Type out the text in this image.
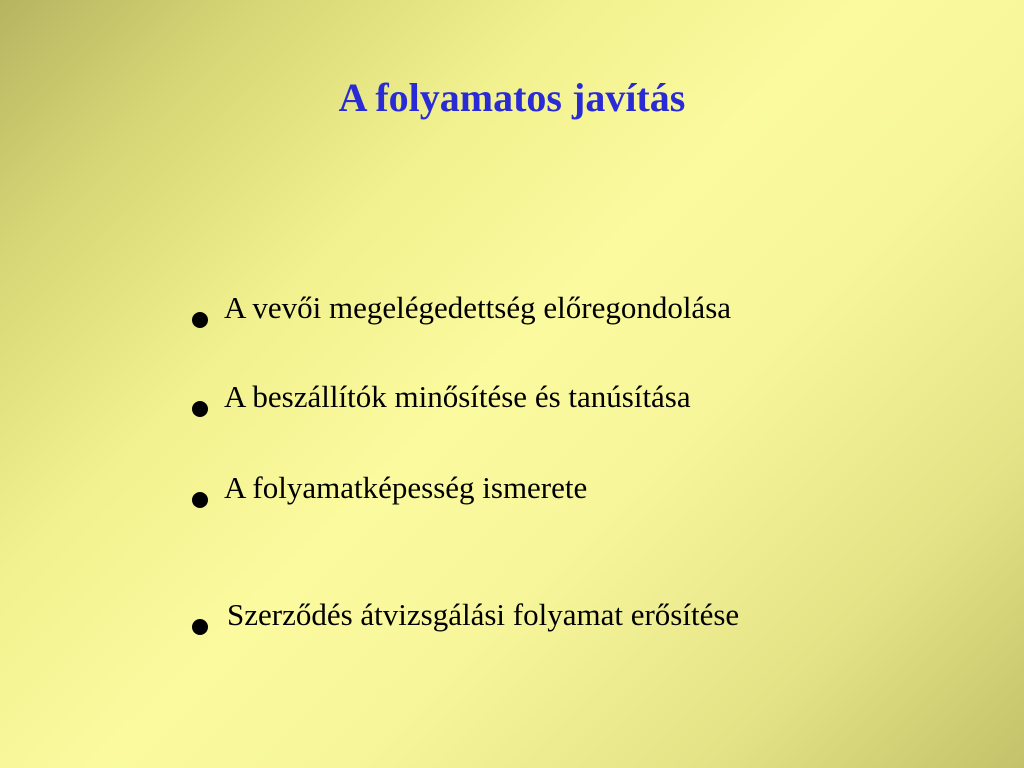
A folyamatos javítás
A vevői megelégedettség előregondolása
A beszállítók minősítése és tanúsítása
A folyamatképesség ismerete
Szerződés átvizsgálási folyamat erősítése
